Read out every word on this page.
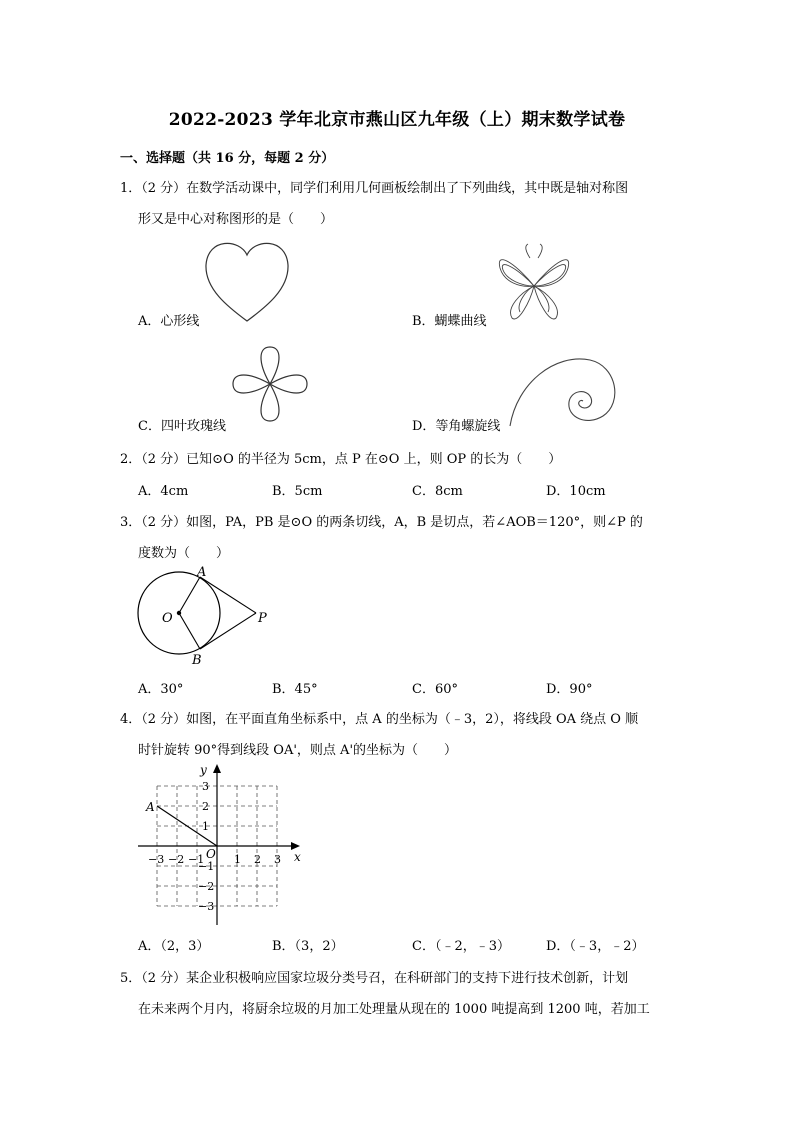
2022-2023 学年北京市燕山区九年级（上）期末数学试卷
一、选择题（共 16 分，每题 2 分）
1．（2 分）在数学活动课中，同学们利用几何画板绘制出了下列曲线，其中既是轴对称图
形又是中心对称图形的是（　　）
A．心形线	B．蝴蝶曲线
C．四叶玫瑰线	D．等角螺旋线
2．（2 分）已知⊙O 的半径为 5cm，点 P 在⊙O 上，则 OP 的长为（　　）
A．4cm	B．5cm	C．8cm	D．10cm
3．（2 分）如图，PA，PB 是⊙O 的两条切线，A，B 是切点，若∠AOB＝120°，则∠P 的
度数为（　　）
A
B
O	P
A．30°	B．45°	C．60°	D．90°
4．（2 分）如图，在平面直角坐标系中，点 A 的坐标为（﹣3，2），将线段 OA 绕点 O 顺
时针旋转 90°得到线段 OA'，则点 A'的坐标为（　　）
x
y
O
A
−3 −2 −1	1 2 3
3
2
1
−1
−2
−3
A．（2，3）	B．（3，2）	C．（﹣2，﹣3）	D．（﹣3，﹣2）
5．（2 分）某企业积极响应国家垃圾分类号召，在科研部门的支持下进行技术创新，计划
在未来两个月内，将厨余垃圾的月加工处理量从现在的 1000 吨提高到 1200 吨，若加工
